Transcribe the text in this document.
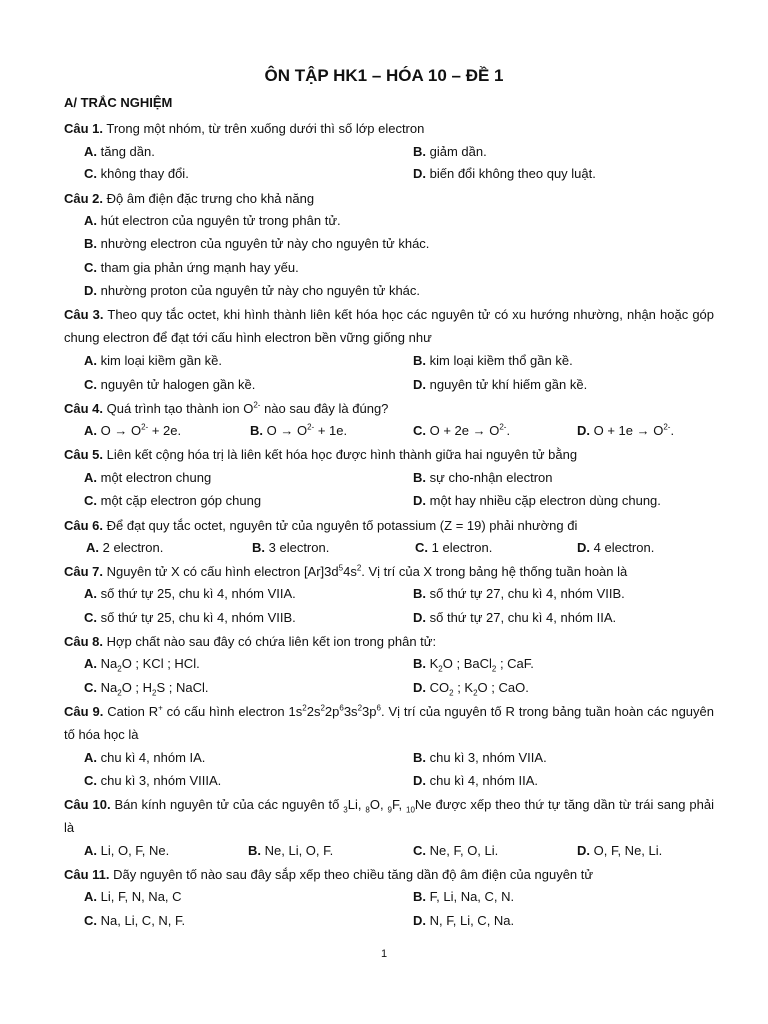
ÔN TẬP HK1 – HÓA 10 – ĐỀ 1
A/ TRẮC NGHIỆM
Câu 1. Trong một nhóm, từ trên xuống dưới thì số lớp electron
A. tăng dần.	B. giảm dần.
C. không thay đổi.	D. biến đổi không theo quy luật.
Câu 2. Độ âm điện đặc trưng cho khả năng
A. hút electron của nguyên tử trong phân tử.
B. nhường electron của nguyên tử này cho nguyên tử khác.
C. tham gia phản ứng mạnh hay yếu.
D. nhường proton của nguyên tử này cho nguyên tử khác.
Câu 3. Theo quy tắc octet, khi hình thành liên kết hóa học các nguyên tử có xu hướng nhường, nhận hoặc góp chung electron để đạt tới cấu hình electron bền vững giống như
A. kim loại kiềm gần kề.	B. kim loại kiềm thổ gần kề.
C. nguyên tử halogen gần kề.	D. nguyên tử khí hiếm gần kề.
Câu 4. Quá trình tạo thành ion $O^{2-}$ nào sau đây là đúng?
A. $O \to O^{2-} + 2e$.	B. $O \to O^{2-} + 1e$.	C. $O + 2e \to O^{2-}$.	D. $O + 1e \to O^{2-}$.
Câu 5. Liên kết cộng hóa trị là liên kết hóa học được hình thành giữa hai nguyên tử bằng
A. một electron chung	B. sự cho-nhận electron
C. một cặp electron góp chung	D. một hay nhiều cặp electron dùng chung.
Câu 6. Để đạt quy tắc octet, nguyên tử của nguyên tố potassium (Z = 19) phải nhường đi
A. 2 electron.	B. 3 electron.	C. 1 electron.	D. 4 electron.
Câu 7. Nguyên tử X có cấu hình electron $[Ar]3d^54s^2$. Vị trí của X trong bảng hệ thống tuần hoàn là
A. số thứ tự 25, chu kì 4, nhóm VIIA.	B. số thứ tự 27, chu kì 4, nhóm VIIB.
C. số thứ tự 25, chu kì 4, nhóm VIIB.	D. số thứ tự 27, chu kì 4, nhóm IIA.
Câu 8. Hợp chất nào sau đây có chứa liên kết ion trong phân tử:
A. $Na_2O$ ; KCl ; HCl.	B. $K_2O$ ; BaCl$_2$ ; CaF.
C. $Na_2O$ ; $H_2S$ ; NaCl.	D. $CO_2$ ; $K_2O$ ; CaO.
Câu 9. Cation R+ có cấu hình electron $1s^22s^22p^63s^23p^6$. Vị trí của nguyên tố R trong bảng tuần hoàn các nguyên tố hóa học là
A. chu kì 4, nhóm IA.	B. chu kì 3, nhóm VIIA.
C. chu kì 3, nhóm VIIIA.	D. chu kì 4, nhóm IIA.
Câu 10. Bán kính nguyên tử của các nguyên tố $_3$Li, $_8$O, $_9$F, $_{10}$Ne được xếp theo thứ tự tăng dần từ trái sang phải là
A. Li, O, F, Ne.	B. Ne, Li, O, F.	C. Ne, F, O, Li.	D. O, F, Ne, Li.
Câu 11. Dãy nguyên tố nào sau đây sắp xếp theo chiều tăng dần độ âm điện của nguyên tử
A. Li, F, N, Na, C	B. F, Li, Na, C, N.
C. Na, Li, C, N, F.	D. N, F, Li, C, Na.
1
